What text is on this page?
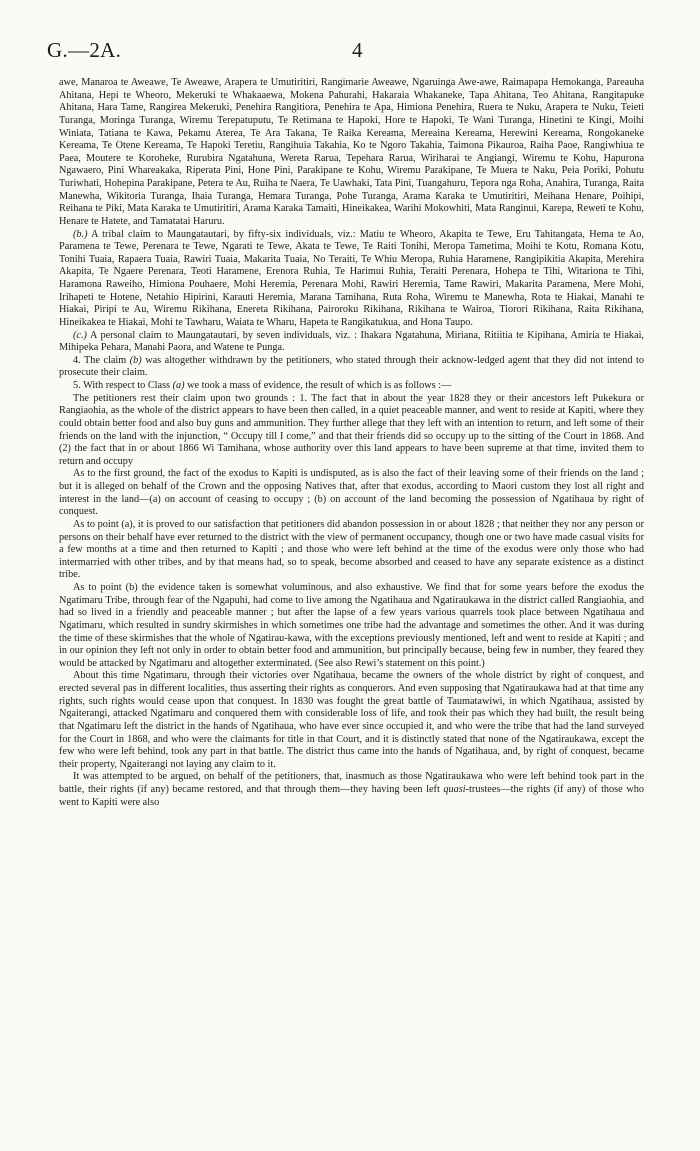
G.—2A.	4

awe, Manaroa te Aweawe, Te Aweawe, Arapera te Umutiritiri, Rangimarie Aweawe, Ngaruinga Awe-awe, Raimapapa Hemokanga, Pareauha Ahitana, Hepi te Wheoro, Mekeruki te Whakaaewa, Mokena Pahurahi, Hakaraia Whakaneke, Tapa Ahitana, Teo Ahitana, Rangitapuke Ahitana, Hara Tame, Rangirea Mekeruki, Penehira Rangitiora, Penehira te Apa, Himiona Penehira, Ruera te Nuku, Arapera te Nuku, Teieti Turanga, Moringa Turanga, Wiremu Terepatuputu, Te Retimana te Hapoki, Hore te Hapoki, Te Wani Turanga, Hinetini te Kingi, Moihi Winiata, Tatiana te Kawa, Pekamu Aterea, Te Ara Takana, Te Raika Kereama, Mereaina Kereama, Herewini Kereama, Rongokaneke Kereama, Te Otene Kereama, Te Hapoki Teretiu, Rangihuia Takahia, Ko te Ngoro Takahia, Taimona Pikauroa, Raiha Paoe, Rangiwhiua te Paea, Moutere te Koroheke, Rurubira Ngatahuna, Wereta Rarua, Tepehara Rarua, Wiriharai te Angiangi, Wiremu te Kohu, Hapurona Ngawaero, Pini Whareakaka, Riperata Pini, Hone Pini, Parakipane te Kohu, Wiremu Parakipane, Te Muera te Naku, Peia Poriki, Pohutu Turiwhati, Hohepina Parakipane, Petera te Au, Ruiha te Naera, Te Uawhaki, Tata Pini, Tuangahuru, Tepora nga Roha, Anahira, Turanga, Raita Manewha, Wikitoria Turanga, Ihaia Turanga, Hemara Turanga, Pohe Turanga, Arama Karaka te Umutiritiri, Meihana Henare, Poihipi, Reihana te Piki, Mata Karaka te Umutiritiri, Arama Karaka Tamaiti, Hineikakea, Warihi Mokowhiti, Mata Ranginui, Karepa, Reweti te Kohu, Henare te Hatete, and Tamatatai Haruru.

(b.) A tribal claim to Maungatautari, by fifty-six individuals, viz.: Matiu te Wheoro, Akapita te Tewe, Eru Tahitangata, Hema te Ao, Paramena te Tewe, Perenara te Tewe, Ngarati te Tewe, Akata te Tewe, Te Raiti Tonihi, Meropa Tametima, Moihi te Kotu, Romana Kotu, Tonihi Tuaia, Rapaera Tuaia, Rawiri Tuaia, Makarita Tuaia, No Teraiti, Te Whiu Meropa, Ruhia Haramene, Rangipikitia Akapita, Merehira Akapita, Te Ngaere Perenara, Teoti Haramene, Erenora Ruhia, Te Harimui Ruhia, Teraiti Perenara, Hohepa te Tihi, Witariona te Tihi, Haramona Raweiho, Himiona Pouhaere, Mohi Heremia, Perenara Mohi, Rawiri Heremia, Tame Rawiri, Makarita Paramena, Mere Mohi, Irihapeti te Hotene, Netahio Hipirini, Karauti Heremia, Marana Tamihana, Ruta Roha, Wiremu te Manewha, Rota te Hiakai, Manahi te Hiakai, Piripi te Au, Wiremu Rikihana, Enereta Rikihana, Pairoroku Rikihana, Rikihana te Wairoa, Tiorori Rikihana, Raita Rikihana, Hineikakea te Hiakai, Mohi te Tawharu, Waiata te Wharu, Hapeta te Rangikatukua, and Hona Taupo.

(c.) A personal claim to Maungatautari, by seven individuals, viz. : Ihakara Ngatahuna, Miriana, Ritiitia te Kipihana, Amiria te Hiakai, Mihipeka Pehara, Manahi Paora, and Watene te Punga.

4. The claim (b) was altogether withdrawn by the petitioners, who stated through their acknow-ledged agent that they did not intend to prosecute their claim.

5. With respect to Class (a) we took a mass of evidence, the result of which is as follows :—

The petitioners rest their claim upon two grounds : 1. The fact that in about the year 1828 they or their ancestors left Pukekura or Rangiaohia, as the whole of the district appears to have been then called, in a quiet peaceable manner, and went to reside at Kapiti, where they could obtain better food and also buy guns and ammunition. They further allege that they left with an intention to return, and left some of their friends on the land with the injunction, “ Occupy till I come,” and that their friends did so occupy up to the sitting of the Court in 1868. And (2) the fact that in or about 1866 Wi Tamihana, whose authority over this land appears to have been supreme at that time, invited them to return and occupy

As to the first ground, the fact of the exodus to Kapiti is undisputed, as is also the fact of their leaving some of their friends on the land ; but it is alleged on behalf of the Crown and the opposing Natives that, after that exodus, according to Maori custom they lost all right and interest in the land—(a) on account of ceasing to occupy ; (b) on account of the land becoming the possession of Ngatihaua by right of conquest.

As to point (a), it is proved to our satisfaction that petitioners did abandon possession in or about 1828 ; that neither they nor any person or persons on their behalf have ever returned to the district with the view of permanent occupancy, though one or two have made casual visits for a few months at a time and then returned to Kapiti ; and those who were left behind at the time of the exodus were only those who had intermarried with other tribes, and by that means had, so to speak, become absorbed and ceased to have any separate existence as a distinct tribe.

As to point (b) the evidence taken is somewhat voluminous, and also exhaustive. We find that for some years before the exodus the Ngatimaru Tribe, through fear of the Ngapuhi, had come to live among the Ngatihaua and Ngatiraukawa in the district called Rangiaohia, and had so lived in a friendly and peaceable manner ; but after the lapse of a few years various quarrels took place between Ngatihaua and Ngatimaru, which resulted in sundry skirmishes in which sometimes one tribe had the advantage and sometimes the other. And it was during the time of these skirmishes that the whole of Ngatirau-kawa, with the exceptions previously mentioned, left and went to reside at Kapiti ; and in our opinion they left not only in order to obtain better food and ammunition, but principally because, being few in number, they feared they would be attacked by Ngatimaru and altogether exterminated. (See also Rewi’s statement on this point.)

About this time Ngatimaru, through their victories over Ngatihaua, became the owners of the whole district by right of conquest, and erected several pas in different localities, thus asserting their rights as conquerors. And even supposing that Ngatiraukawa had at that time any rights, such rights would cease upon that conquest. In 1830 was fought the great battle of Taumatawiwi, in which Ngatihaua, assisted by Ngaiterangi, attacked Ngatimaru and conquered them with considerable loss of life, and took their pas which they had built, the result being that Ngatimaru left the district in the hands of Ngatihaua, who have ever since occupied it, and who were the tribe that had the land surveyed for the Court in 1868, and who were the claimants for title in that Court, and it is distinctly stated that none of the Ngatiraukawa, except the few who were left behind, took any part in that battle. The district thus came into the hands of Ngatihaua, and, by right of conquest, became their property, Ngaiterangi not laying any claim to it.

It was attempted to be argued, on behalf of the petitioners, that, inasmuch as those Ngatiraukawa who were left behind took part in the battle, their rights (if any) became restored, and that through them—they having been left quasi-trustees—the rights (if any) of those who went to Kapiti were also
